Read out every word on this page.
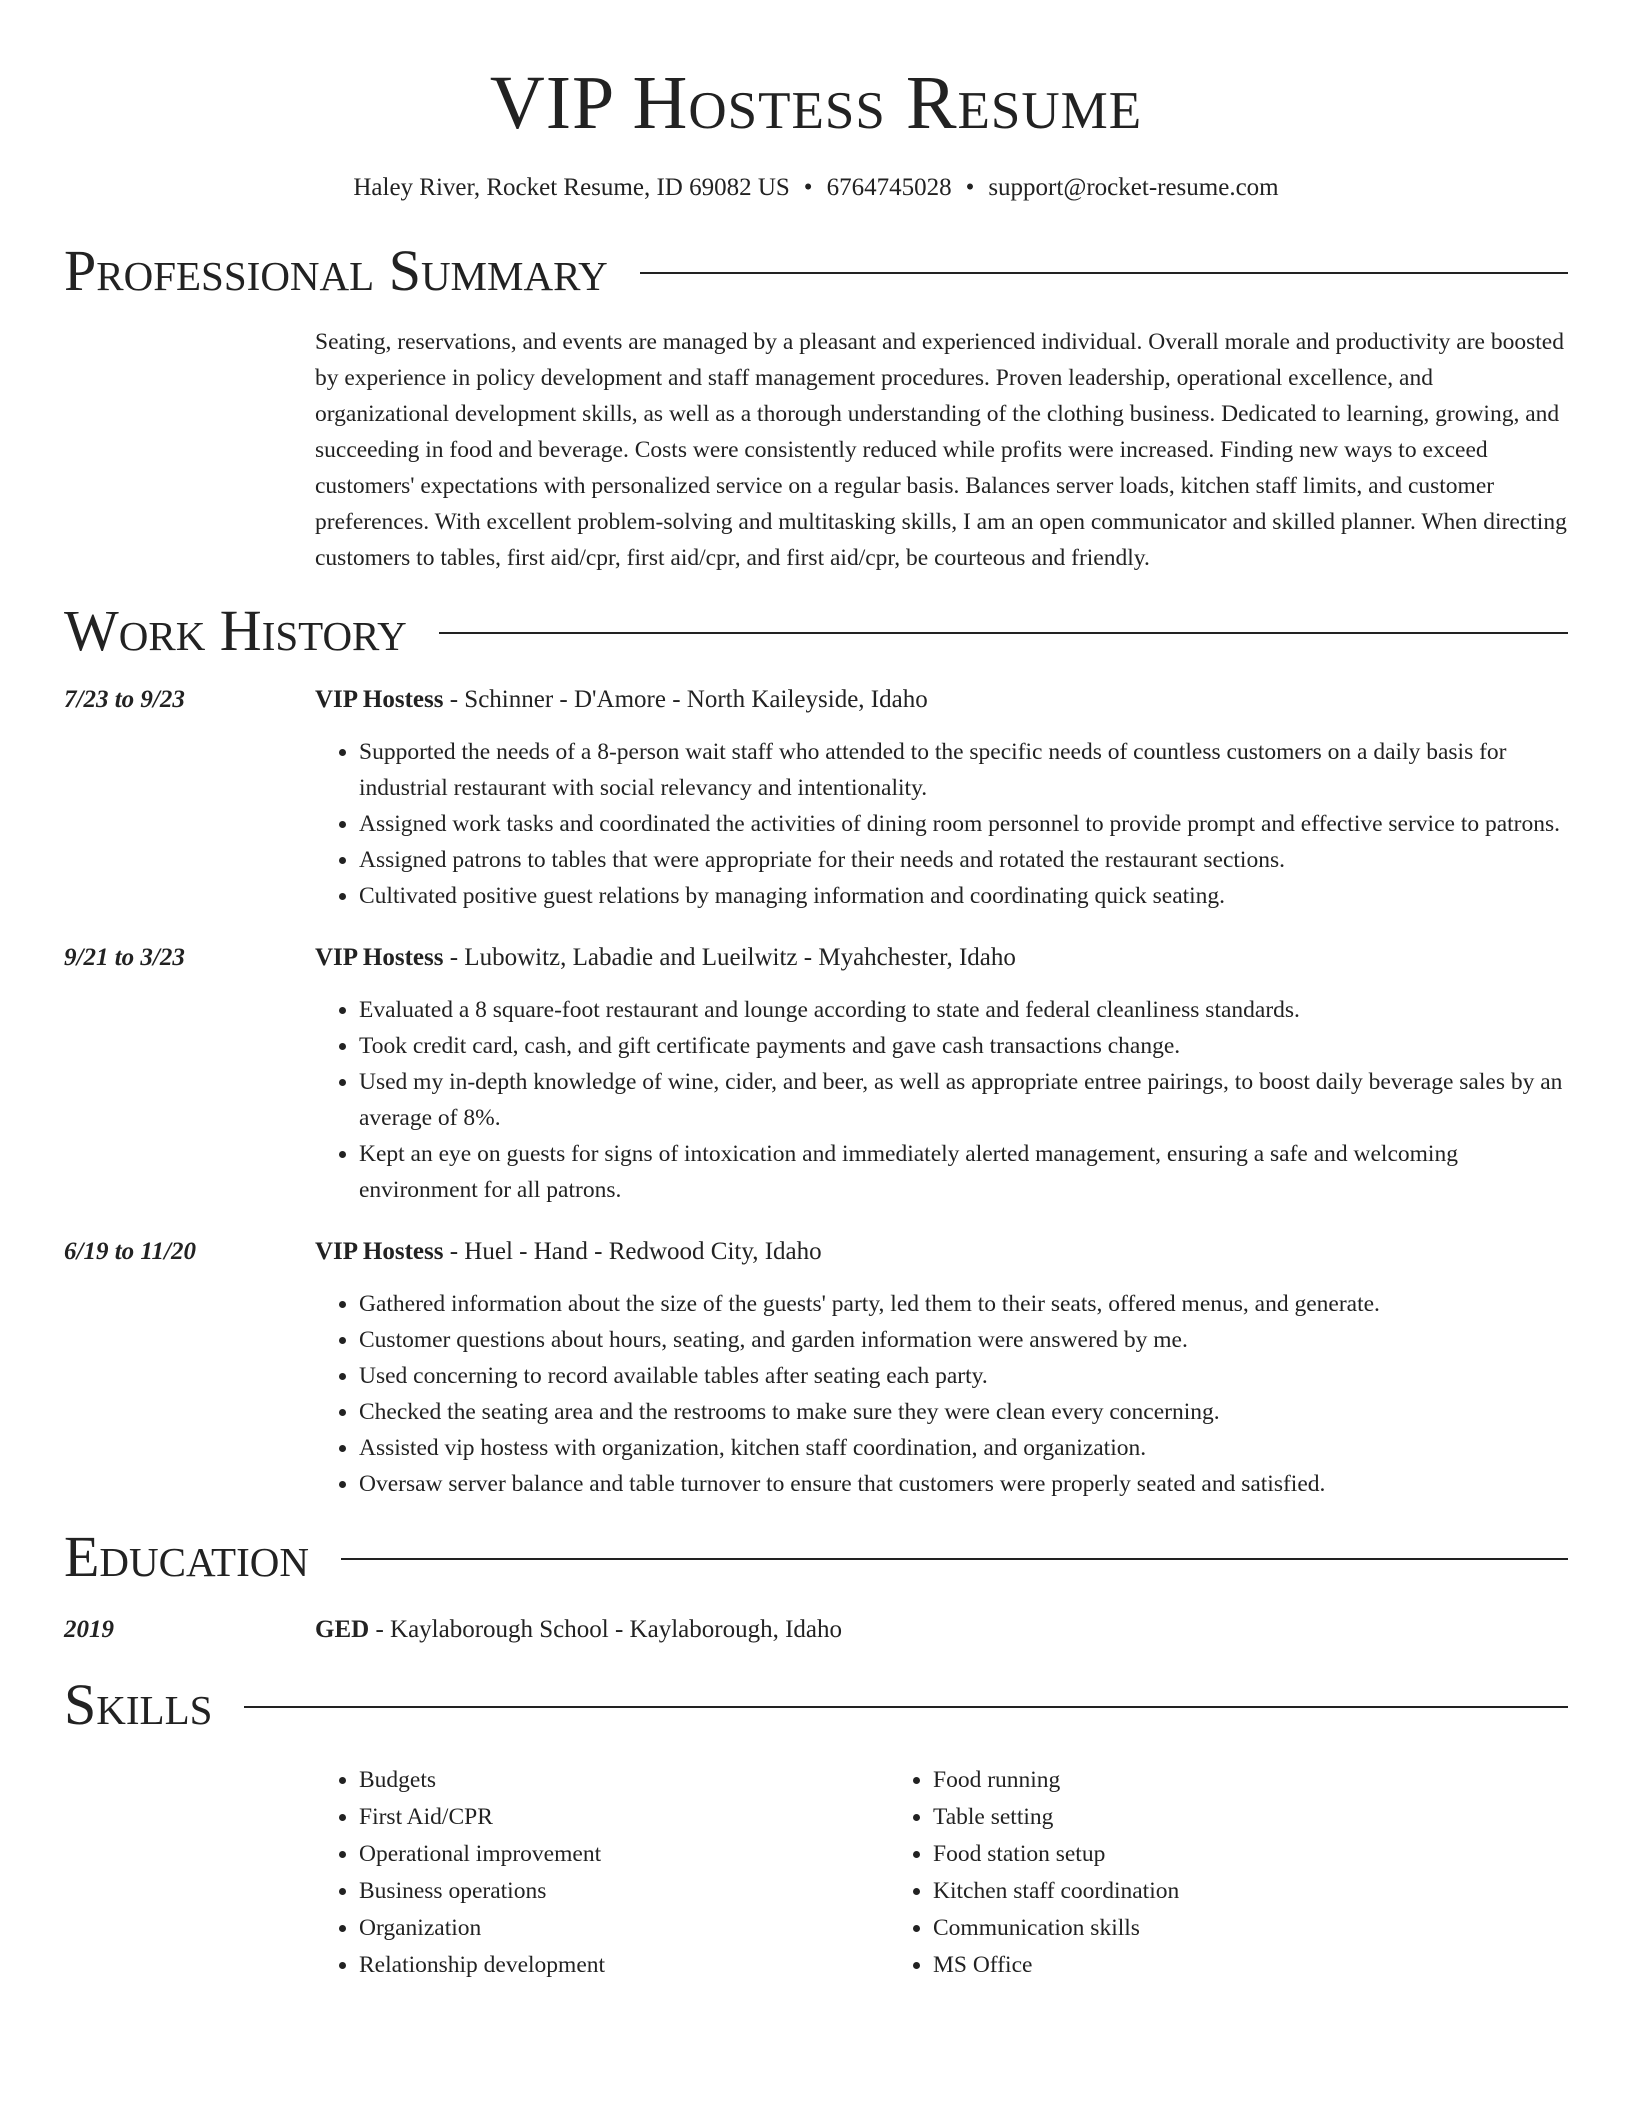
VIP Hostess Resume
Haley River, Rocket Resume, ID 69082 US • 6764745028 • support@rocket-resume.com
Professional Summary
Seating, reservations, and events are managed by a pleasant and experienced individual. Overall morale and productivity are boosted by experience in policy development and staff management procedures. Proven leadership, operational excellence, and organizational development skills, as well as a thorough understanding of the clothing business. Dedicated to learning, growing, and succeeding in food and beverage. Costs were consistently reduced while profits were increased. Finding new ways to exceed customers' expectations with personalized service on a regular basis. Balances server loads, kitchen staff limits, and customer preferences. With excellent problem-solving and multitasking skills, I am an open communicator and skilled planner. When directing customers to tables, first aid/cpr, first aid/cpr, and first aid/cpr, be courteous and friendly.
Work History
7/23 to 9/23	VIP Hostess - Schinner - D'Amore - North Kaileyside, Idaho
• Supported the needs of a 8-person wait staff who attended to the specific needs of countless customers on a daily basis for industrial restaurant with social relevancy and intentionality.
• Assigned work tasks and coordinated the activities of dining room personnel to provide prompt and effective service to patrons.
• Assigned patrons to tables that were appropriate for their needs and rotated the restaurant sections.
• Cultivated positive guest relations by managing information and coordinating quick seating.
9/21 to 3/23	VIP Hostess - Lubowitz, Labadie and Lueilwitz - Myahchester, Idaho
• Evaluated a 8 square-foot restaurant and lounge according to state and federal cleanliness standards.
• Took credit card, cash, and gift certificate payments and gave cash transactions change.
• Used my in-depth knowledge of wine, cider, and beer, as well as appropriate entree pairings, to boost daily beverage sales by an average of 8%.
• Kept an eye on guests for signs of intoxication and immediately alerted management, ensuring a safe and welcoming environment for all patrons.
6/19 to 11/20	VIP Hostess - Huel - Hand - Redwood City, Idaho
• Gathered information about the size of the guests' party, led them to their seats, offered menus, and generate.
• Customer questions about hours, seating, and garden information were answered by me.
• Used concerning to record available tables after seating each party.
• Checked the seating area and the restrooms to make sure they were clean every concerning.
• Assisted vip hostess with organization, kitchen staff coordination, and organization.
• Oversaw server balance and table turnover to ensure that customers were properly seated and satisfied.
Education
2019	GED - Kaylaborough School - Kaylaborough, Idaho
Skills
• Budgets
• First Aid/CPR
• Operational improvement
• Business operations
• Organization
• Relationship development
• Food running
• Table setting
• Food station setup
• Kitchen staff coordination
• Communication skills
• MS Office
